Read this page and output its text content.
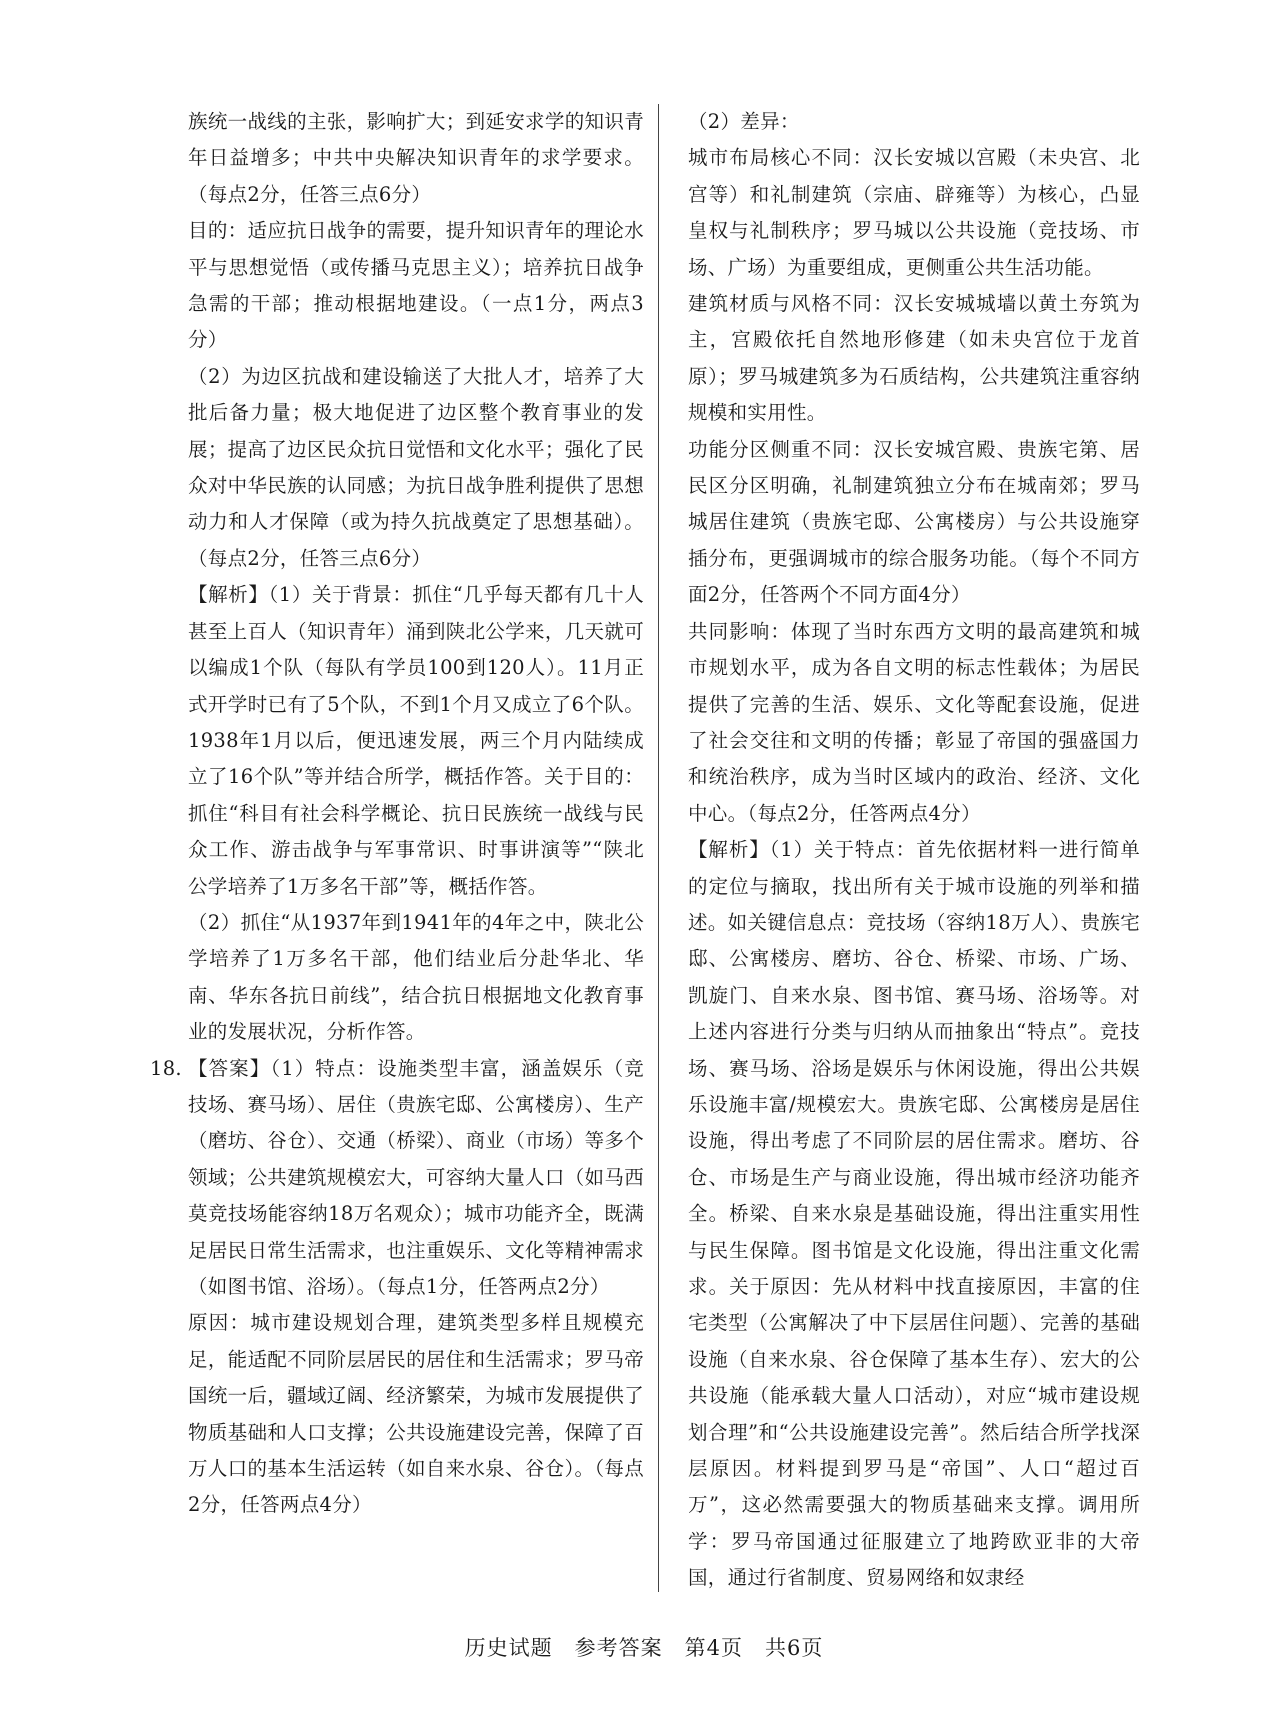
族统一战线的主张，影响扩大；到延安求学的知识青年日益增多；中共中央解决知识青年的求学要求。（每点2分，任答三点6分）

目的：适应抗日战争的需要，提升知识青年的理论水平与思想觉悟（或传播马克思主义）；培养抗日战争急需的干部；推动根据地建设。（一点1分，两点3分）

（2）为边区抗战和建设输送了大批人才，培养了大批后备力量；极大地促进了边区整个教育事业的发展；提高了边区民众抗日觉悟和文化水平；强化了民众对中华民族的认同感；为抗日战争胜利提供了思想动力和人才保障（或为持久抗战奠定了思想基础）。（每点2分，任答三点6分）

【解析】（1）关于背景：抓住“几乎每天都有几十人甚至上百人（知识青年）涌到陕北公学来，几天就可以编成1个队（每队有学员100到120人）。11月正式开学时已有了5个队，不到1个月又成立了6个队。1938年1月以后，便迅速发展，两三个月内陆续成立了16个队”等并结合所学，概括作答。关于目的：抓住“科目有社会科学概论、抗日民族统一战线与民众工作、游击战争与军事常识、时事讲演等”“陕北公学培养了1万多名干部”等，概括作答。

（2）抓住“从1937年到1941年的4年之中，陕北公学培养了1万多名干部，他们结业后分赴华北、华南、华东各抗日前线”，结合抗日根据地文化教育事业的发展状况，分析作答。

18. 【答案】（1）特点：设施类型丰富，涵盖娱乐（竞技场、赛马场）、居住（贵族宅邸、公寓楼房）、生产（磨坊、谷仓）、交通（桥梁）、商业（市场）等多个领域；公共建筑规模宏大，可容纳大量人口（如马西莫竞技场能容纳18万名观众）；城市功能齐全，既满足居民日常生活需求，也注重娱乐、文化等精神需求（如图书馆、浴场）。（每点1分，任答两点2分）

原因：城市建设规划合理，建筑类型多样且规模充足，能适配不同阶层居民的居住和生活需求；罗马帝国统一后，疆域辽阔、经济繁荣，为城市发展提供了物质基础和人口支撑；公共设施建设完善，保障了百万人口的基本生活运转（如自来水泉、谷仓）。（每点2分，任答两点4分）

（2）差异：

城市布局核心不同：汉长安城以宫殿（未央宫、北宫等）和礼制建筑（宗庙、辟雍等）为核心，凸显皇权与礼制秩序；罗马城以公共设施（竞技场、市场、广场）为重要组成，更侧重公共生活功能。

建筑材质与风格不同：汉长安城城墙以黄土夯筑为主，宫殿依托自然地形修建（如未央宫位于龙首原）；罗马城建筑多为石质结构，公共建筑注重容纳规模和实用性。

功能分区侧重不同：汉长安城宫殿、贵族宅第、居民区分区明确，礼制建筑独立分布在城南郊；罗马城居住建筑（贵族宅邸、公寓楼房）与公共设施穿插分布，更强调城市的综合服务功能。（每个不同方面2分，任答两个不同方面4分）

共同影响：体现了当时东西方文明的最高建筑和城市规划水平，成为各自文明的标志性载体；为居民提供了完善的生活、娱乐、文化等配套设施，促进了社会交往和文明的传播；彰显了帝国的强盛国力和统治秩序，成为当时区域内的政治、经济、文化中心。（每点2分，任答两点4分）

【解析】（1）关于特点：首先依据材料一进行简单的定位与摘取，找出所有关于城市设施的列举和描述。如关键信息点：竞技场（容纳18万人）、贵族宅邸、公寓楼房、磨坊、谷仓、桥梁、市场、广场、凯旋门、自来水泉、图书馆、赛马场、浴场等。对上述内容进行分类与归纳从而抽象出“特点”。竞技场、赛马场、浴场是娱乐与休闲设施，得出公共娱乐设施丰富/规模宏大。贵族宅邸、公寓楼房是居住设施，得出考虑了不同阶层的居住需求。磨坊、谷仓、市场是生产与商业设施，得出城市经济功能齐全。桥梁、自来水泉是基础设施，得出注重实用性与民生保障。图书馆是文化设施，得出注重文化需求。关于原因：先从材料中找直接原因，丰富的住宅类型（公寓解决了中下层居住问题）、完善的基础设施（自来水泉、谷仓保障了基本生存）、宏大的公共设施（能承载大量人口活动），对应“城市建设规划合理”和“公共设施建设完善”。然后结合所学找深层原因。材料提到罗马是“帝国”、人口“超过百万”，这必然需要强大的物质基础来支撑。调用所学：罗马帝国通过征服建立了地跨欧亚非的大帝国，通过行省制度、贸易网络和奴隶经

历史试题　参考答案　第4页　共6页
